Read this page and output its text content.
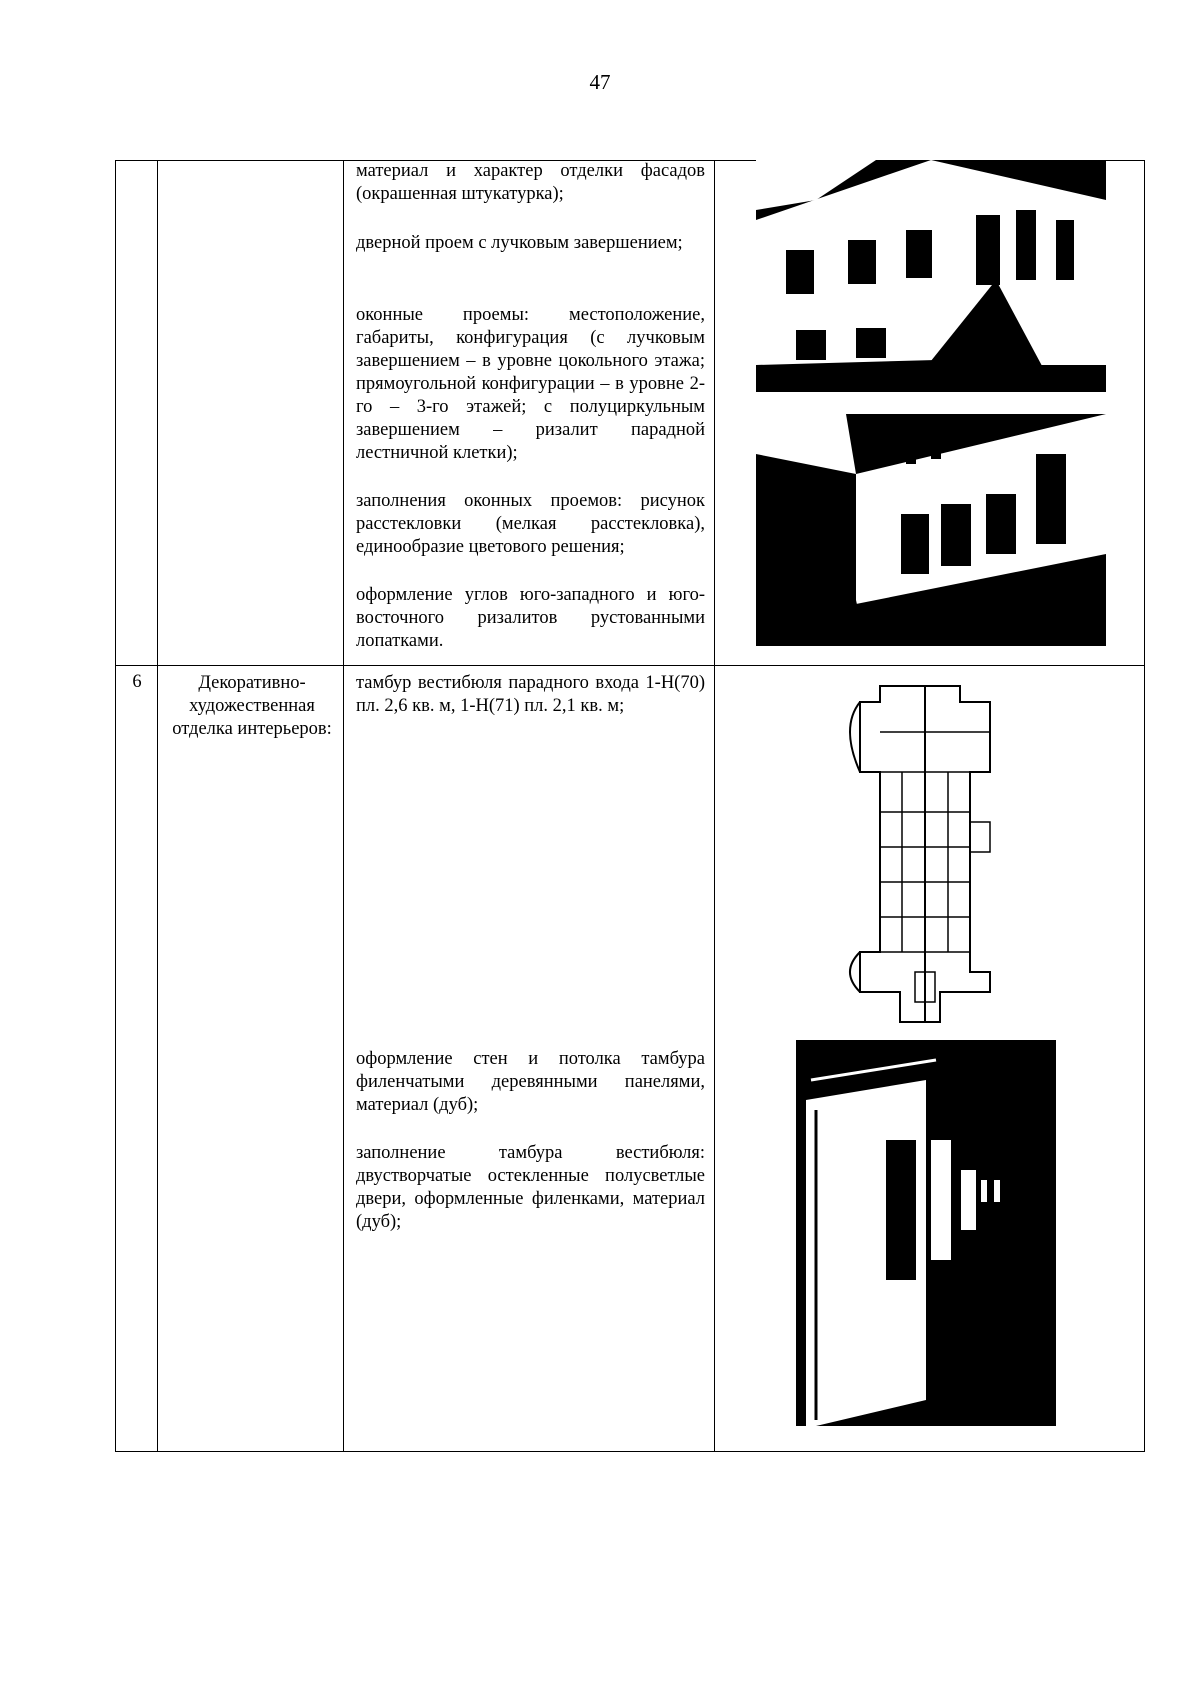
47
материал и характер отделки фасадов (окрашенная штукатурка);
дверной проем с лучковым завершением;
оконные проемы: местоположение, габариты, конфигурация (с лучковым завершением – в уровне цокольного этажа; прямоугольной конфигурации – в уровне 2-го – 3-го этажей; с полуциркульным завершением – ризалит парадной лестничной клетки);
заполнения оконных проемов: рисунок расстекловки (мелкая расстекловка), единообразие цветового решения;
оформление углов юго-западного и юго-восточного ризалитов рустованными лопатками.
6	Декоративно-художественная отделка интерьеров:
тамбур вестибюля парадного входа 1-Н(70) пл. 2,6 кв. м, 1-Н(71) пл. 2,1 кв. м;
оформление стен и потолка тамбура филенчатыми деревянными панелями, материал (дуб);
заполнение тамбура вестибюля: двустворчатые остекленные полусветлые двери, оформленные филенками, материал (дуб);
